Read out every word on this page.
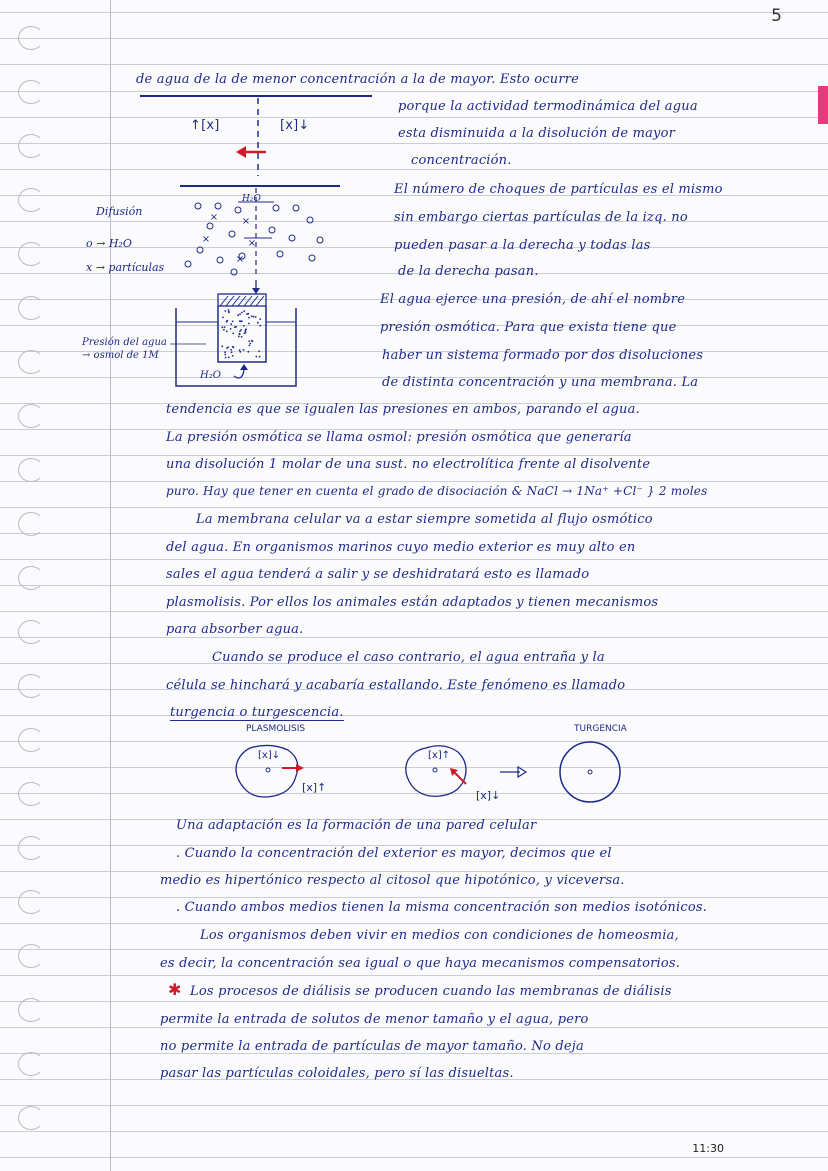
5
de agua de la de menor concentración a la de mayor. Esto ocurre
porque la actividad termodinámica del agua
esta disminuida a la disolución de mayor
concentración.
El número de choques de partículas es el mismo
sin embargo ciertas partículas de la izq. no
pueden pasar a la derecha y todas las
de la derecha pasan.
El agua ejerce una presión, de ahí el nombre
presión osmótica. Para que exista tiene que
haber un sistema formado por dos disoluciones
de distinta concentración y una membrana. La
tendencia es que se igualen las presiones en ambos, parando el agua.
La presión osmótica se llama osmol: presión osmótica que generaría
una disolución 1 molar de una sust. no electrolítica frente al disolvente
puro. Hay que tener en cuenta el grado de disociación & NaCl → 1Na⁺ +Cl⁻ } 2 moles
La membrana celular va a estar siempre sometida al flujo osmótico
del agua. En organismos marinos cuyo medio exterior es muy alto en
sales el agua tenderá a salir y se deshidratará esto es llamado
plasmolisis. Por ellos los animales están adaptados y tienen mecanismos
para absorber agua.
Cuando se produce el caso contrario, el agua entraña y la
célula se hinchará y acabaría estallando. Este fenómeno es llamado
turgencia o turgescencia.
↑[x]	[x]↓
Difusión
o → H₂O
x → partículas
× ×
×	×
×
H₂O
Presión del agua → osmol de 1M
H₂O
PLASMOLISIS	TURGENCIA
[x]↓
[x]↑
[x]↑
[x]↓
Una adaptación es la formación de una pared celular
. Cuando la concentración del exterior es mayor, decimos que el
medio es hipertónico respecto al citosol que hipotónico, y viceversa.
. Cuando ambos medios tienen la misma concentración son medios isotónicos.
Los organismos deben vivir en medios con condiciones de homeosmia,
es decir, la concentración sea igual o que haya mecanismos compensatorios.
✱ Los procesos de diálisis se producen cuando las membranas de diálisis
permite la entrada de solutos de menor tamaño y el agua, pero
no permite la entrada de partículas de mayor tamaño. No deja
pasar las partículas coloidales, pero sí las disueltas.
11:30
